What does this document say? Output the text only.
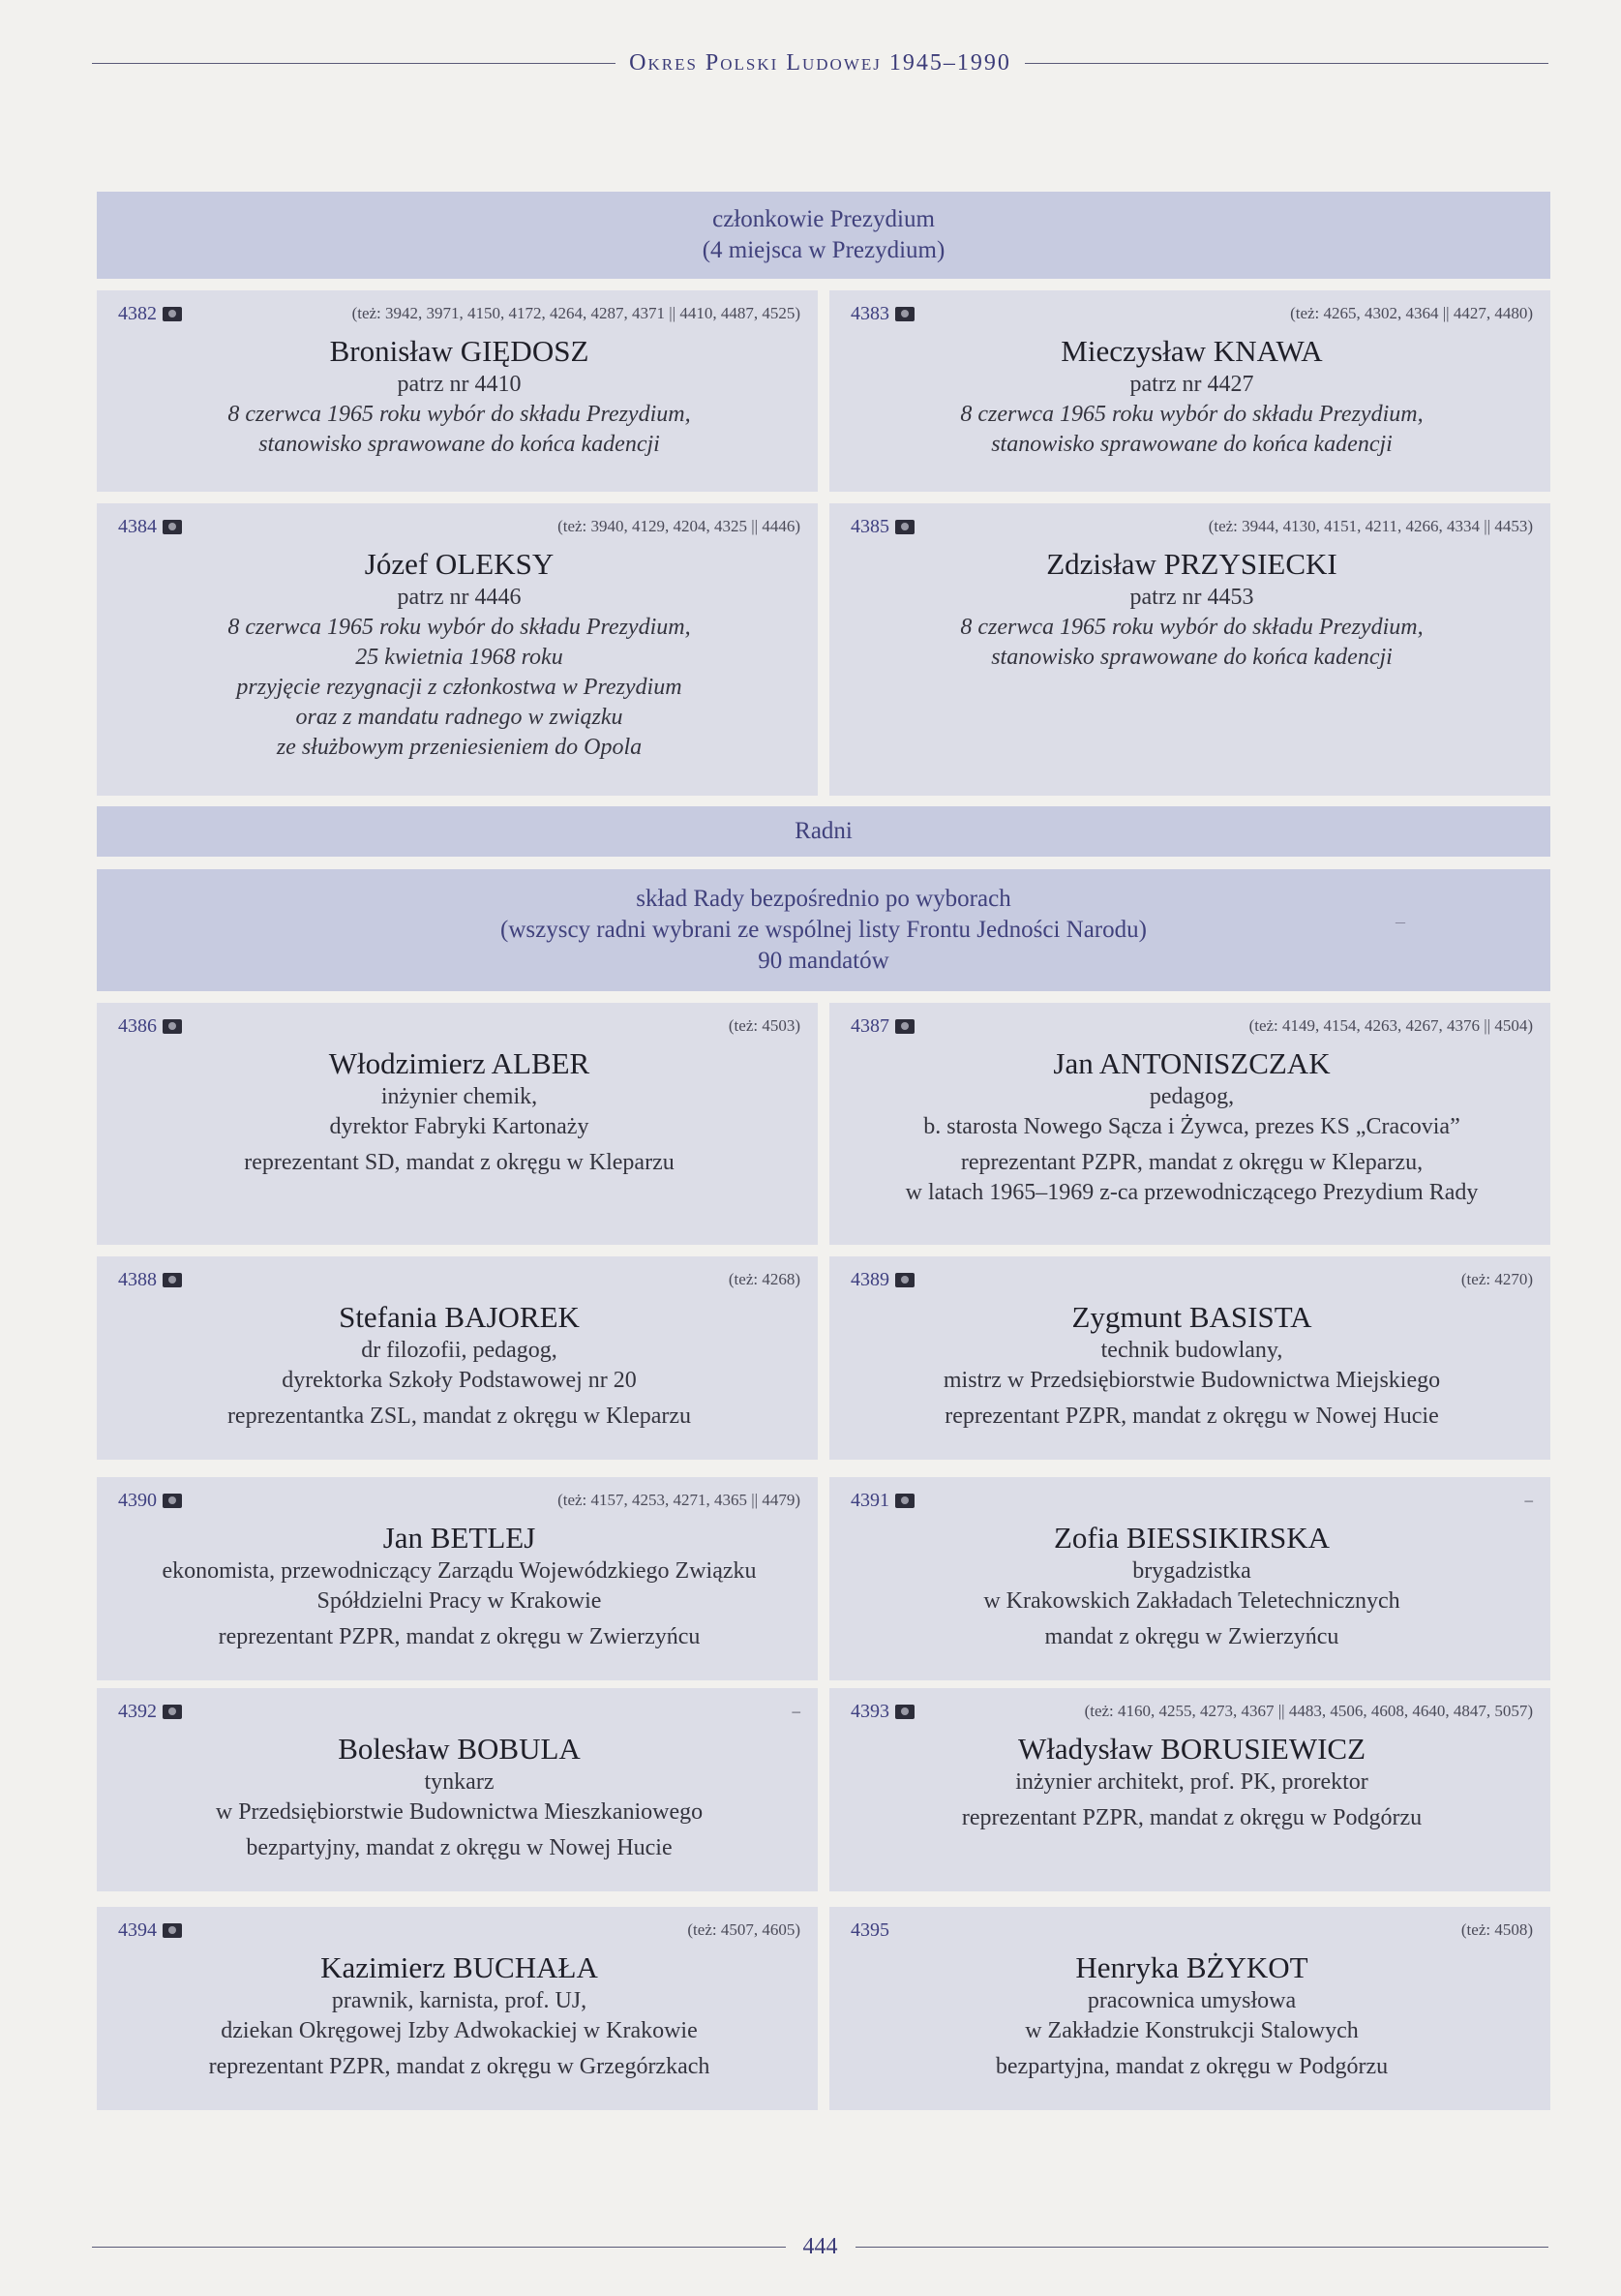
Okres Polski Ludowej 1945–1990
członkowie Prezydium
(4 miejsca w Prezydium)
4382	(też: 3942, 3971, 4150, 4172, 4264, 4287, 4371 || 4410, 4487, 4525)
Bronisław GIĘDOSZ
patrz nr 4410
8 czerwca 1965 roku wybór do składu Prezydium,
stanowisko sprawowane do końca kadencji
4383	(też: 4265, 4302, 4364 || 4427, 4480)
Mieczysław KNAWA
patrz nr 4427
8 czerwca 1965 roku wybór do składu Prezydium,
stanowisko sprawowane do końca kadencji
4384	(też: 3940, 4129, 4204, 4325 || 4446)
Józef OLEKSY
patrz nr 4446
8 czerwca 1965 roku wybór do składu Prezydium,
25 kwietnia 1968 roku
przyjęcie rezygnacji z członkostwa w Prezydium
oraz z mandatu radnego w związku
ze służbowym przeniesieniem do Opola
4385	(też: 3944, 4130, 4151, 4211, 4266, 4334 || 4453)
Zdzisław PRZYSIECKI
patrz nr 4453
8 czerwca 1965 roku wybór do składu Prezydium,
stanowisko sprawowane do końca kadencji
Radni
skład Rady bezpośrednio po wyborach
(wszyscy radni wybrani ze wspólnej listy Frontu Jedności Narodu)
90 mandatów
–
4386	(też: 4503)
Włodzimierz ALBER
inżynier chemik,
dyrektor Fabryki Kartonaży
reprezentant SD, mandat z okręgu w Kleparzu
4387	(też: 4149, 4154, 4263, 4267, 4376 || 4504)
Jan ANTONISZCZAK
pedagog,
b. starosta Nowego Sącza i Żywca, prezes KS „Cracovia”
reprezentant PZPR, mandat z okręgu w Kleparzu,
w latach 1965–1969 z-ca przewodniczącego Prezydium Rady
4388	(też: 4268)
Stefania BAJOREK
dr filozofii, pedagog,
dyrektorka Szkoły Podstawowej nr 20
reprezentantka ZSL, mandat z okręgu w Kleparzu
4389	(też: 4270)
Zygmunt BASISTA
technik budowlany,
mistrz w Przedsiębiorstwie Budownictwa Miejskiego
reprezentant PZPR, mandat z okręgu w Nowej Hucie
4390	(też: 4157, 4253, 4271, 4365 || 4479)
Jan BETLEJ
ekonomista, przewodniczący Zarządu Wojewódzkiego Związku
Spółdzielni Pracy w Krakowie
reprezentant PZPR, mandat z okręgu w Zwierzyńcu
4391	–
Zofia BIESSIKIRSKA
brygadzistka
w Krakowskich Zakładach Teletechnicznych
mandat z okręgu w Zwierzyńcu
4392	–
Bolesław BOBULA
tynkarz
w Przedsiębiorstwie Budownictwa Mieszkaniowego
bezpartyjny, mandat z okręgu w Nowej Hucie
4393	(też: 4160, 4255, 4273, 4367 || 4483, 4506, 4608, 4640, 4847, 5057)
Władysław BORUSIEWICZ
inżynier architekt, prof. PK, prorektor
reprezentant PZPR, mandat z okręgu w Podgórzu
4394	(też: 4507, 4605)
Kazimierz BUCHAŁA
prawnik, karnista, prof. UJ,
dziekan Okręgowej Izby Adwokackiej w Krakowie
reprezentant PZPR, mandat z okręgu w Grzegórzkach
4395	(też: 4508)
Henryka BŻYKOT
pracownica umysłowa
w Zakładzie Konstrukcji Stalowych
bezpartyjna, mandat z okręgu w Podgórzu
444
